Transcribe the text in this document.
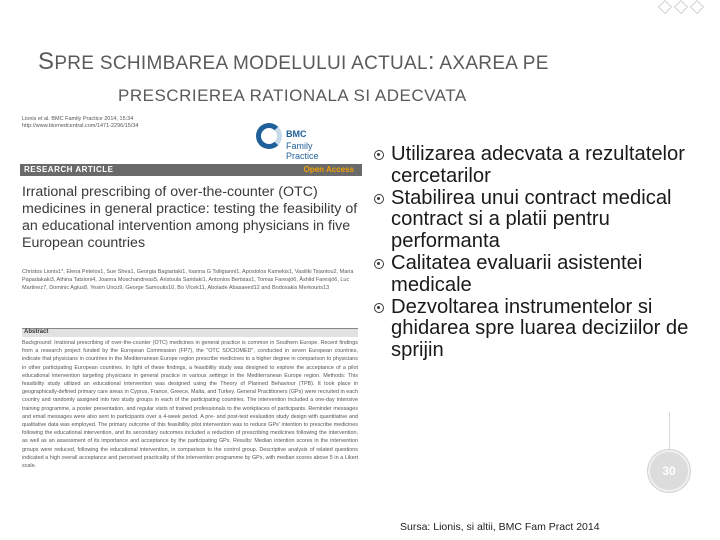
SPRE SCHIMBAREA MODELULUI ACTUAL: AXAREA PE
PRESCRIEREA RATIONALA SI ADECVATA
Lionis et al. BMC Family Practice 2014, 15:34
http://www.biomedcentral.com/1471-2296/15/34
BMC
Family Practice
RESEARCH ARTICLE	Open Access
Irrational prescribing of over-the-counter (OTC) medicines in general practice: testing the feasibility of an educational intervention among physicians in five European countries
Christos Lionis1*, Elena Petelos1, Sue Shea1, Georgia Bagiartaki1, Ioanna G Tsiligianni1, Apostolos Kamekis1, Vasiliki Tsiantou2, Maria Papadakaki3, Athina Tatsioni4, Joanna Moschandreas5, Aristoula Saridaki1, Antonios Bertsias1, Tomas Faresjö6, Åshild Faresjö6, Luc Martinez7, Dominic Agius8, Yesim Uncu9, George Samoutis10, Bo Vlcek11, Abolade Abasaeed12 and Bodosakis Merkouris13
Abstract
Background: Irrational prescribing of over-the-counter (OTC) medicines in general practice is common in Southern Europe. Recent findings from a research project funded by the European Commission (FP7), the "OTC SOCIOMED", conducted in seven European countries, indicate that physicians in countries in the Mediterranean Europe region prescribe medicines to a higher degree in comparison to physicians in other participating European countries. In light of these findings, a feasibility study was designed to explore the acceptance of a pilot educational intervention targeting physicians in general practice in various settings in the Mediterranean Europe region. Methods: This feasibility study utilized an educational intervention was designed using the Theory of Planned Behaviour (TPB). It took place in geographically-defined primary care areas in Cyprus, France, Greece, Malta, and Turkey. General Practitioners (GPs) were recruited in each country and randomly assigned into two study groups in each of the participating countries. The intervention included a one-day intensive training programme, a poster presentation, and regular visits of trained professionals to the workplaces of participants. Reminder messages and email messages were also sent to participants over a 4-week period. A pre- and post-test evaluation study design with quantitative and qualitative data was employed. The primary outcome of this feasibility pilot intervention was to reduce GPs' intention to prescribe medicines following the educational intervention, and its secondary outcomes included a reduction of prescribing medicines following the intervention, as well as an assessment of its importance and acceptance by the participating GPs. Results: Median intention scores in the intervention groups were reduced, following the educational intervention, in comparison to the control group. Descriptive analysis of related questions indicated a high overall acceptance and perceived practicality of the intervention programme by GPs, with median scores above 5 in a Likert scale.
Utilizarea adecvata a rezultatelor cercetarilor
Stabilirea unui contract medical contract si a platii pentru performanta
Calitatea evaluarii asistentei medicale
Dezvoltarea instrumentelor si ghidarea spre luarea deciziilor de sprijin
30
Sursa: Lionis, si altii, BMC Fam Pract 2014
